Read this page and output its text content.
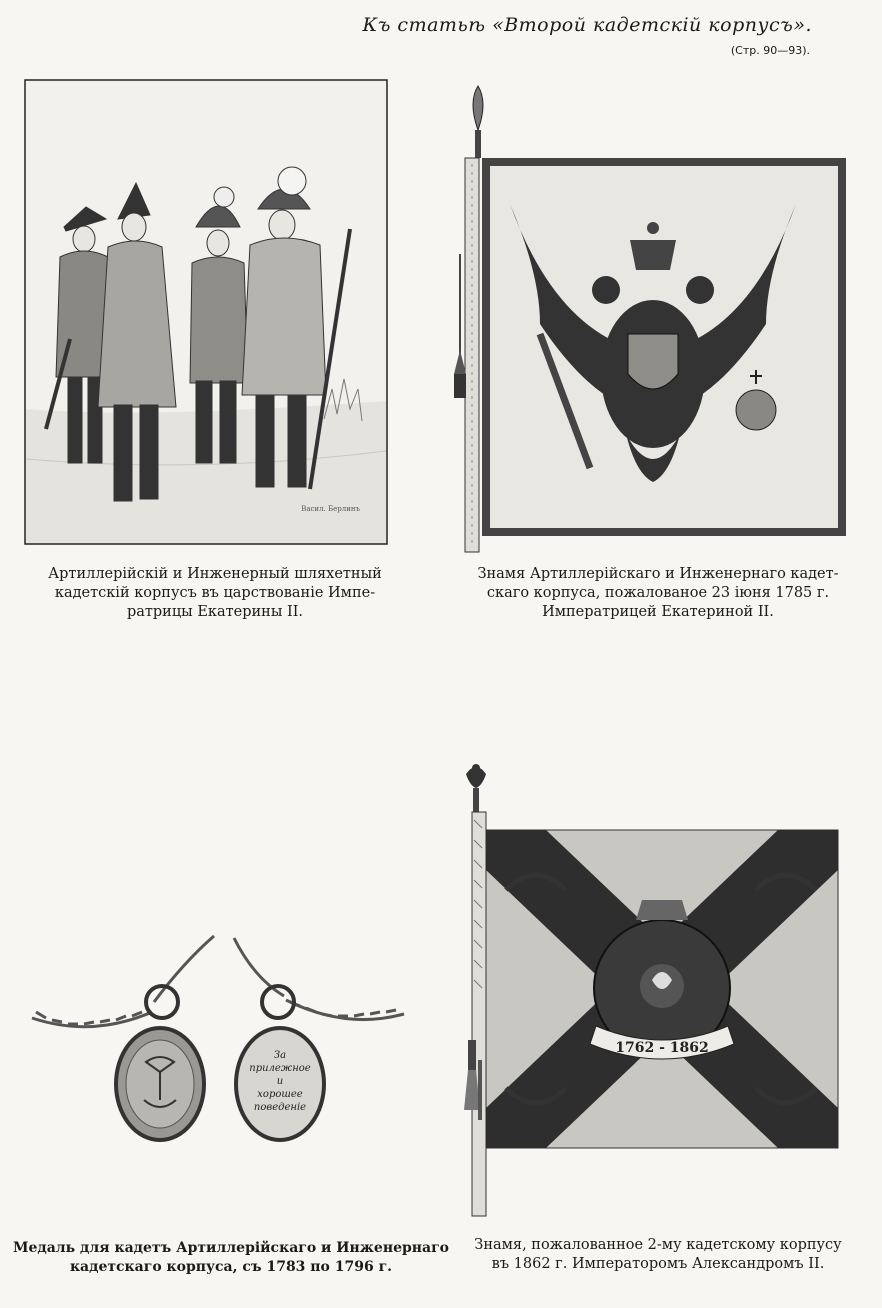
Къ статьѣ «Второй кадетскій корпусъ».
(Стр. 90—93).
Васил. Берлинъ
Артиллерійскій и Инженерный шляхетный
кадетскій корпусъ въ царствованіе Импе-
ратрицы Екатерины II.
Знамя Артиллерійскаго и Инженернаго кадет-
скаго корпуса, пожалованое 23 іюня 1785 г.
Императрицей Екатериной II.
За
прилежное
и
хорошее
поведеніе
Медаль для кадетъ Артиллерійскаго и Инженернаго
кадетскаго корпуса, съ 1783 по 1796 г.
1762 - 1862
Знамя, пожалованное 2-му кадетскому корпусу
въ 1862 г. Императоромъ Александромъ II.
